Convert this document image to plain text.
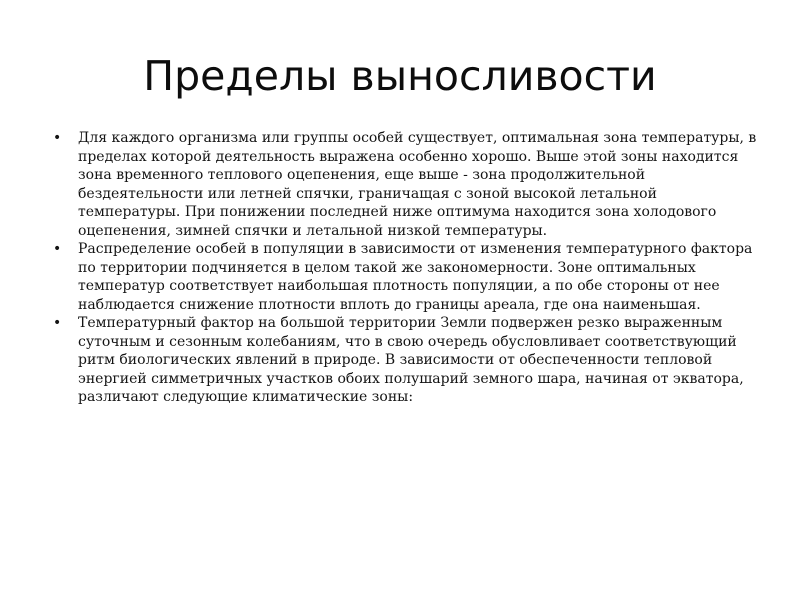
Пределы выносливости
• Для каждого организма или группы особей существует, оптимальная зона температуры, в пределах которой деятельность выражена особенно хорошо. Выше этой зоны находится зона временного теплового оцепенения, еще выше - зона продолжительной бездеятельности или летней спячки, граничащая с зоной высокой летальной температуры. При понижении последней ниже оптимума находится зона холодового оцепенения, зимней спячки и летальной низкой температуры.
• Распределение особей в популяции в зависимости от изменения температурного фактора по территории подчиняется в целом такой же закономерности. Зоне оптимальных температур соответствует наибольшая плотность популяции, а по обе стороны от нее наблюдается снижение плотности вплоть до границы ареала, где она наименьшая.
• Температурный фактор на большой территории Земли подвержен резко выраженным суточным и сезонным колебаниям, что в свою очередь обусловливает соответствующий ритм биологических явлений в природе. В зависимости от обеспеченности тепловой энергией симметричных участков обоих полушарий земного шара, начиная от экватора, различают следующие климатические зоны:
